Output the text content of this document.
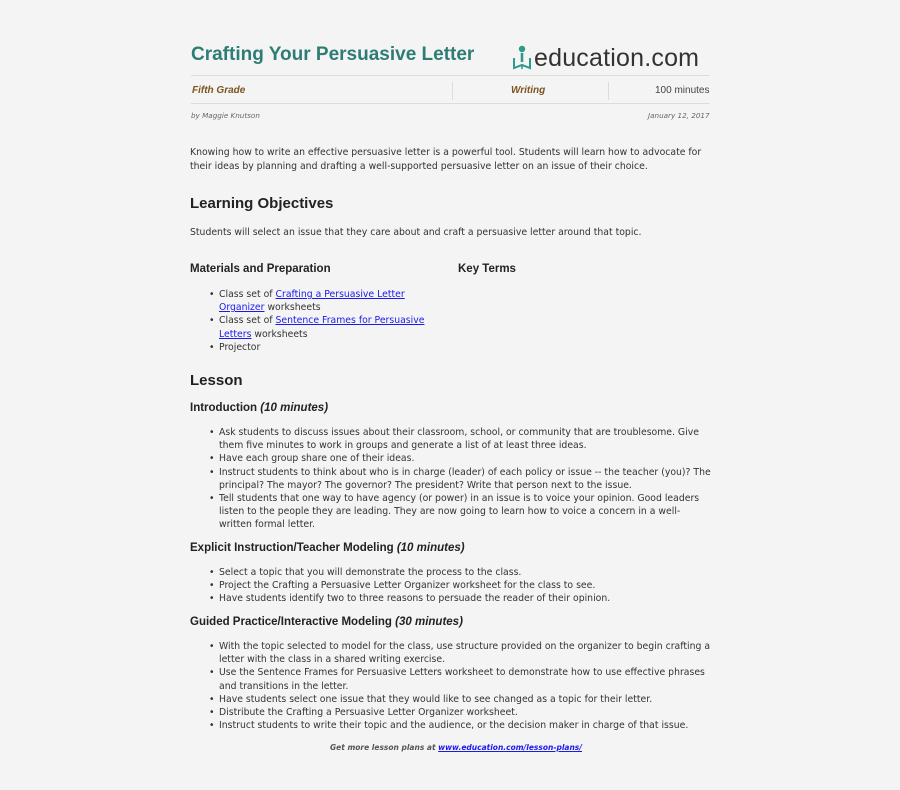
Crafting Your Persuasive Letter education.com
Fifth Grade	Writing	100 minutes
by Maggie Knutson	January 12, 2017
Knowing how to write an effective persuasive letter is a powerful tool. Students will learn how to advocate for their ideas by planning and drafting a well-supported persuasive letter on an issue of their choice.
Learning Objectives
Students will select an issue that they care about and craft a persuasive letter around that topic.
Materials and Preparation	Key Terms
• Class set of Crafting a Persuasive Letter Organizer worksheets
• Class set of Sentence Frames for Persuasive Letters worksheets
• Projector
Lesson
Introduction (10 minutes)
• Ask students to discuss issues about their classroom, school, or community that are troublesome. Give them five minutes to work in groups and generate a list of at least three ideas.
• Have each group share one of their ideas.
• Instruct students to think about who is in charge (leader) of each policy or issue -- the teacher (you)? The principal? The mayor? The governor? The president? Write that person next to the issue.
• Tell students that one way to have agency (or power) in an issue is to voice your opinion. Good leaders listen to the people they are leading. They are now going to learn how to voice a concern in a well-written formal letter.
Explicit Instruction/Teacher Modeling (10 minutes)
• Select a topic that you will demonstrate the process to the class.
• Project the Crafting a Persuasive Letter Organizer worksheet for the class to see.
• Have students identify two to three reasons to persuade the reader of their opinion.
Guided Practice/Interactive Modeling (30 minutes)
• With the topic selected to model for the class, use structure provided on the organizer to begin crafting a letter with the class in a shared writing exercise.
• Use the Sentence Frames for Persuasive Letters worksheet to demonstrate how to use effective phrases and transitions in the letter.
• Have students select one issue that they would like to see changed as a topic for their letter.
• Distribute the Crafting a Persuasive Letter Organizer worksheet.
• Instruct students to write their topic and the audience, or the decision maker in charge of that issue.
Get more lesson plans at www.education.com/lesson-plans/
